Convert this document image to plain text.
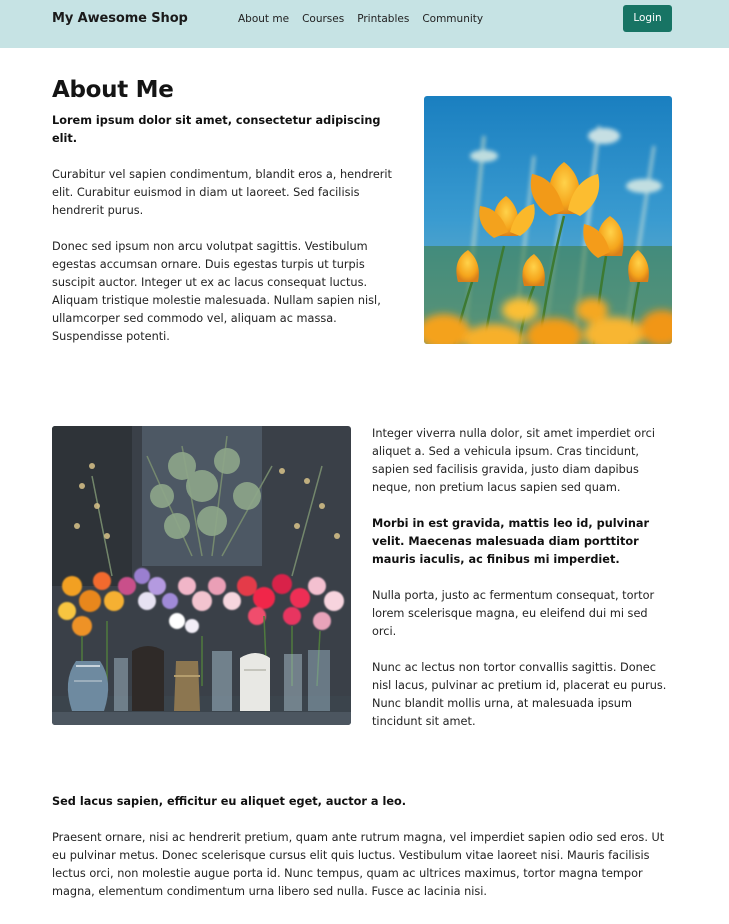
My Awesome Shop	About me Courses Printables Community	Login
About Me

Lorem ipsum dolor sit amet, consectetur adipiscing elit.

Curabitur vel sapien condimentum, blandit eros a, hendrerit elit. Curabitur euismod in diam ut laoreet. Sed facilisis hendrerit purus.

Donec sed ipsum non arcu volutpat sagittis. Vestibulum egestas accumsan ornare. Duis egestas turpis ut turpis suscipit auctor. Integer ut ex ac lacus consequat luctus. Aliquam tristique molestie malesuada. Nullam sapien nisl, ullamcorper sed commodo vel, aliquam ac massa. Suspendisse potenti.

Integer viverra nulla dolor, sit amet imperdiet orci aliquet a. Sed a vehicula ipsum. Cras tincidunt, sapien sed facilisis gravida, justo diam dapibus neque, non pretium lacus sapien sed quam.

Morbi in est gravida, mattis leo id, pulvinar velit. Maecenas malesuada diam porttitor mauris iaculis, ac finibus mi imperdiet.

Nulla porta, justo ac fermentum consequat, tortor lorem scelerisque magna, eu eleifend dui mi sed orci.

Nunc ac lectus non tortor convallis sagittis. Donec nisl lacus, pulvinar ac pretium id, placerat eu purus. Nunc blandit mollis urna, at malesuada ipsum tincidunt sit amet.

Sed lacus sapien, efficitur eu aliquet eget, auctor a leo.

Praesent ornare, nisi ac hendrerit pretium, quam ante rutrum magna, vel imperdiet sapien odio sed eros. Ut eu pulvinar metus. Donec scelerisque cursus elit quis luctus. Vestibulum vitae laoreet nisi. Mauris facilisis lectus orci, non molestie augue porta id. Nunc tempus, quam ac ultrices maximus, tortor magna tempor magna, elementum condimentum urna libero sed nulla. Fusce ac lacinia nisi.
